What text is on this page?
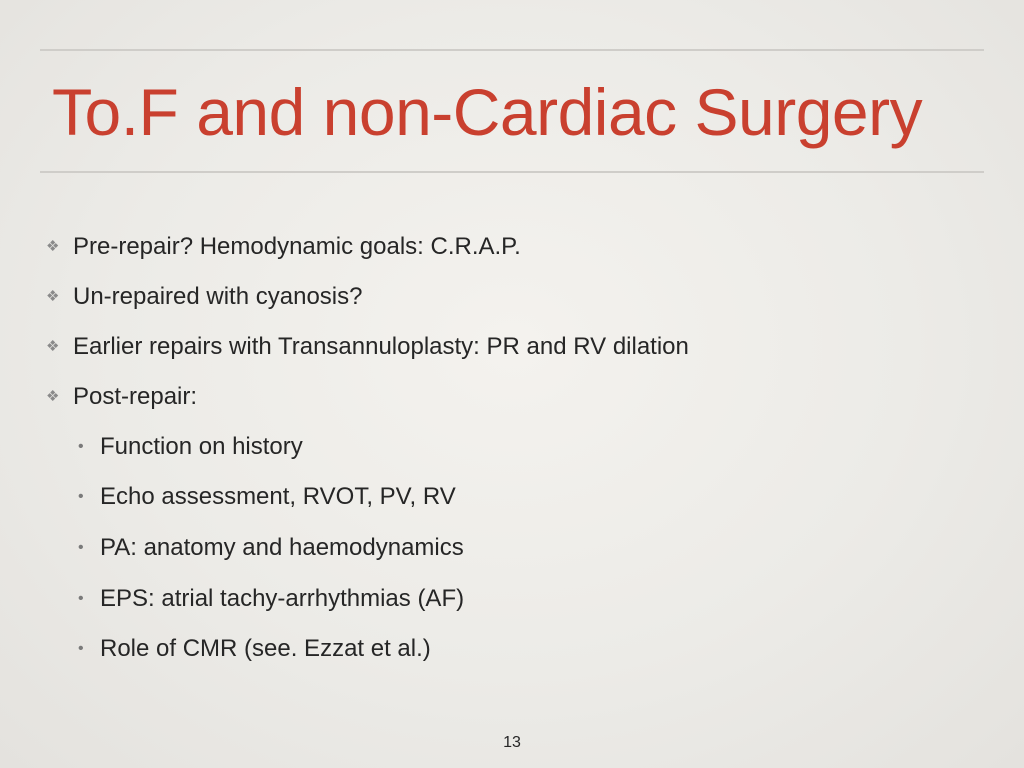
To.F and non-Cardiac Surgery
❖ Pre-repair? Hemodynamic goals: C.R.A.P.
❖ Un-repaired with cyanosis?
❖ Earlier repairs with Transannuloplasty: PR and RV dilation
❖ Post-repair:
• Function on history
• Echo assessment, RVOT, PV, RV
• PA: anatomy and haemodynamics
• EPS: atrial tachy-arrhythmias (AF)
• Role of CMR (see. Ezzat et al.)
13
